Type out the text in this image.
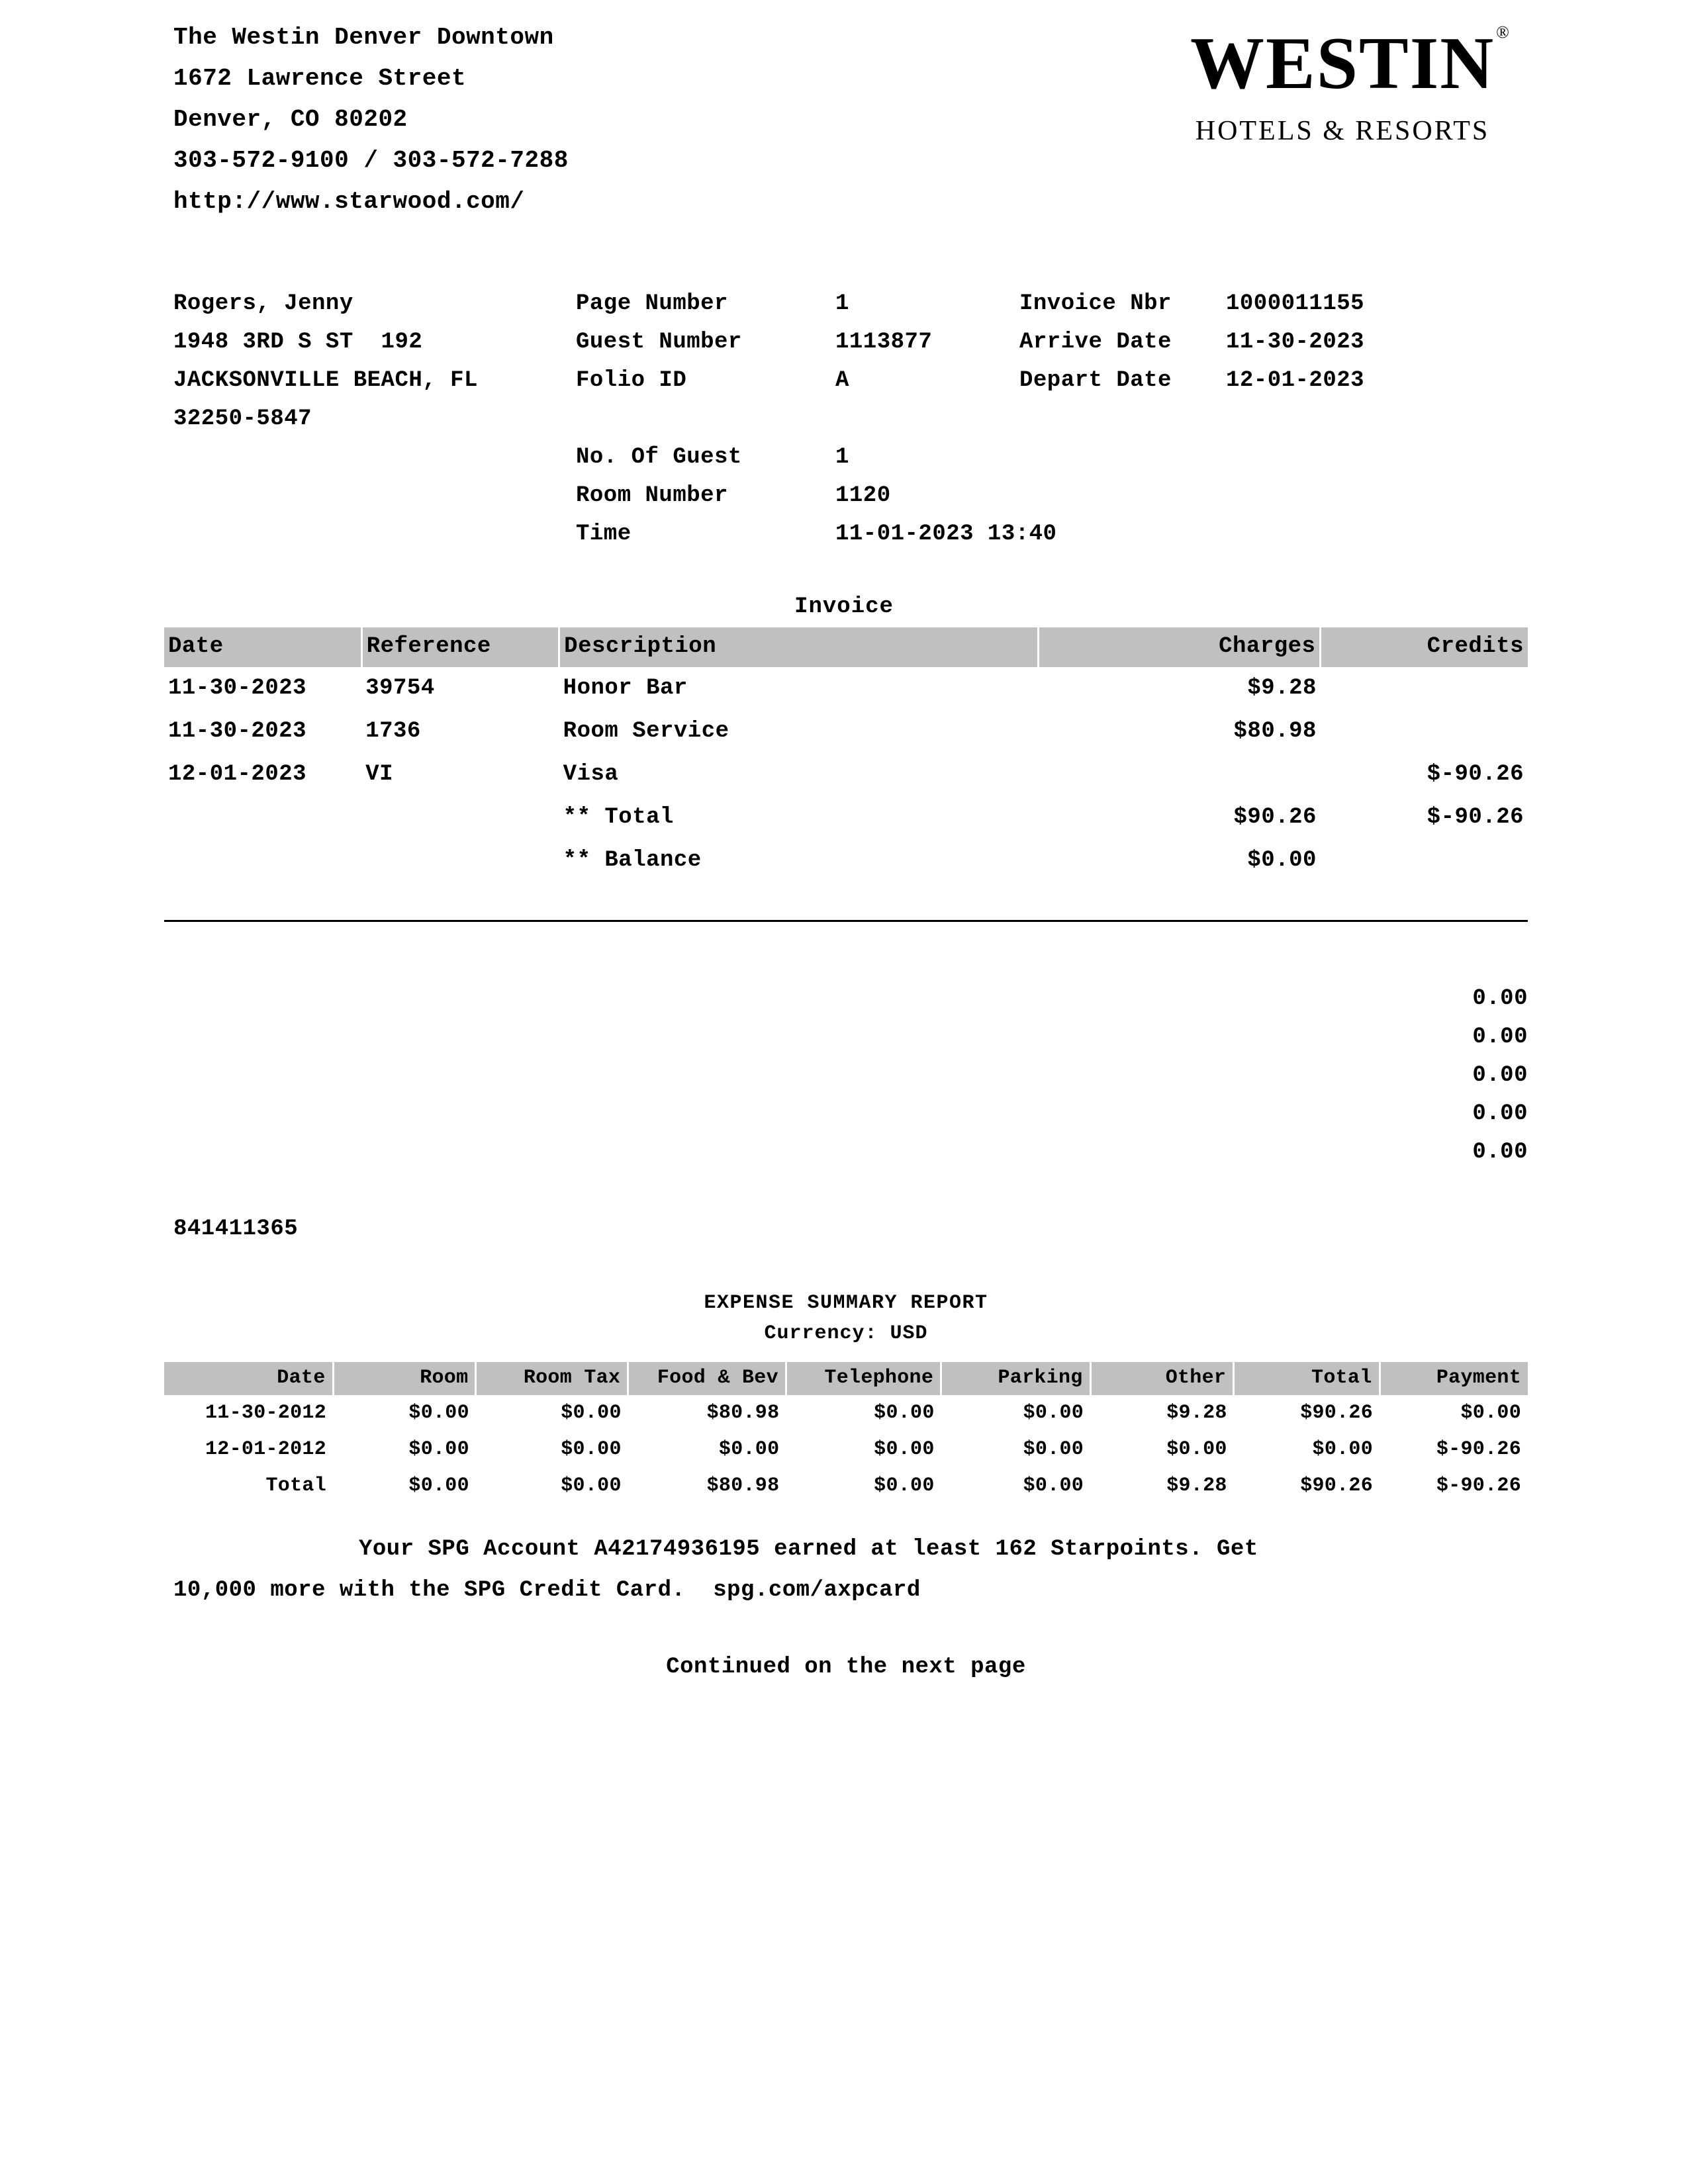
The Westin Denver Downtown
1672 Lawrence Street
Denver, CO 80202
303-572-9100 / 303-572-7288
http://www.starwood.com/
WESTIN®
HOTELS & RESORTS
Rogers, Jenny	Page Number	1	Invoice Nbr	1000011155
1948 3RD S ST  192	Guest Number	1113877	Arrive Date	11-30-2023
JACKSONVILLE BEACH, FL	Folio ID	A	Depart Date	12-01-2023
32250-5847
No. Of Guest	1
Room Number	1120
Time	11-01-2023 13:40
Invoice
Date	Reference	Description	Charges	Credits
11-30-2023	39754	Honor Bar	$9.28	
11-30-2023	1736	Room Service	$80.98	
12-01-2023	VI	Visa		$-90.26
		** Total	$90.26	$-90.26
		** Balance	$0.00	
0.00
0.00
0.00
0.00
0.00
841411365
EXPENSE SUMMARY REPORT
Currency: USD
Date	Room	Room Tax	Food & Bev	Telephone	Parking	Other	Total	Payment
11-30-2012	$0.00	$0.00	$80.98	$0.00	$0.00	$9.28	$90.26	$0.00
12-01-2012	$0.00	$0.00	$0.00	$0.00	$0.00	$0.00	$0.00	$-90.26
Total	$0.00	$0.00	$80.98	$0.00	$0.00	$9.28	$90.26	$-90.26
Your SPG Account A42174936195 earned at least 162 Starpoints. Get
10,000 more with the SPG Credit Card.  spg.com/axpcard
Continued on the next page
